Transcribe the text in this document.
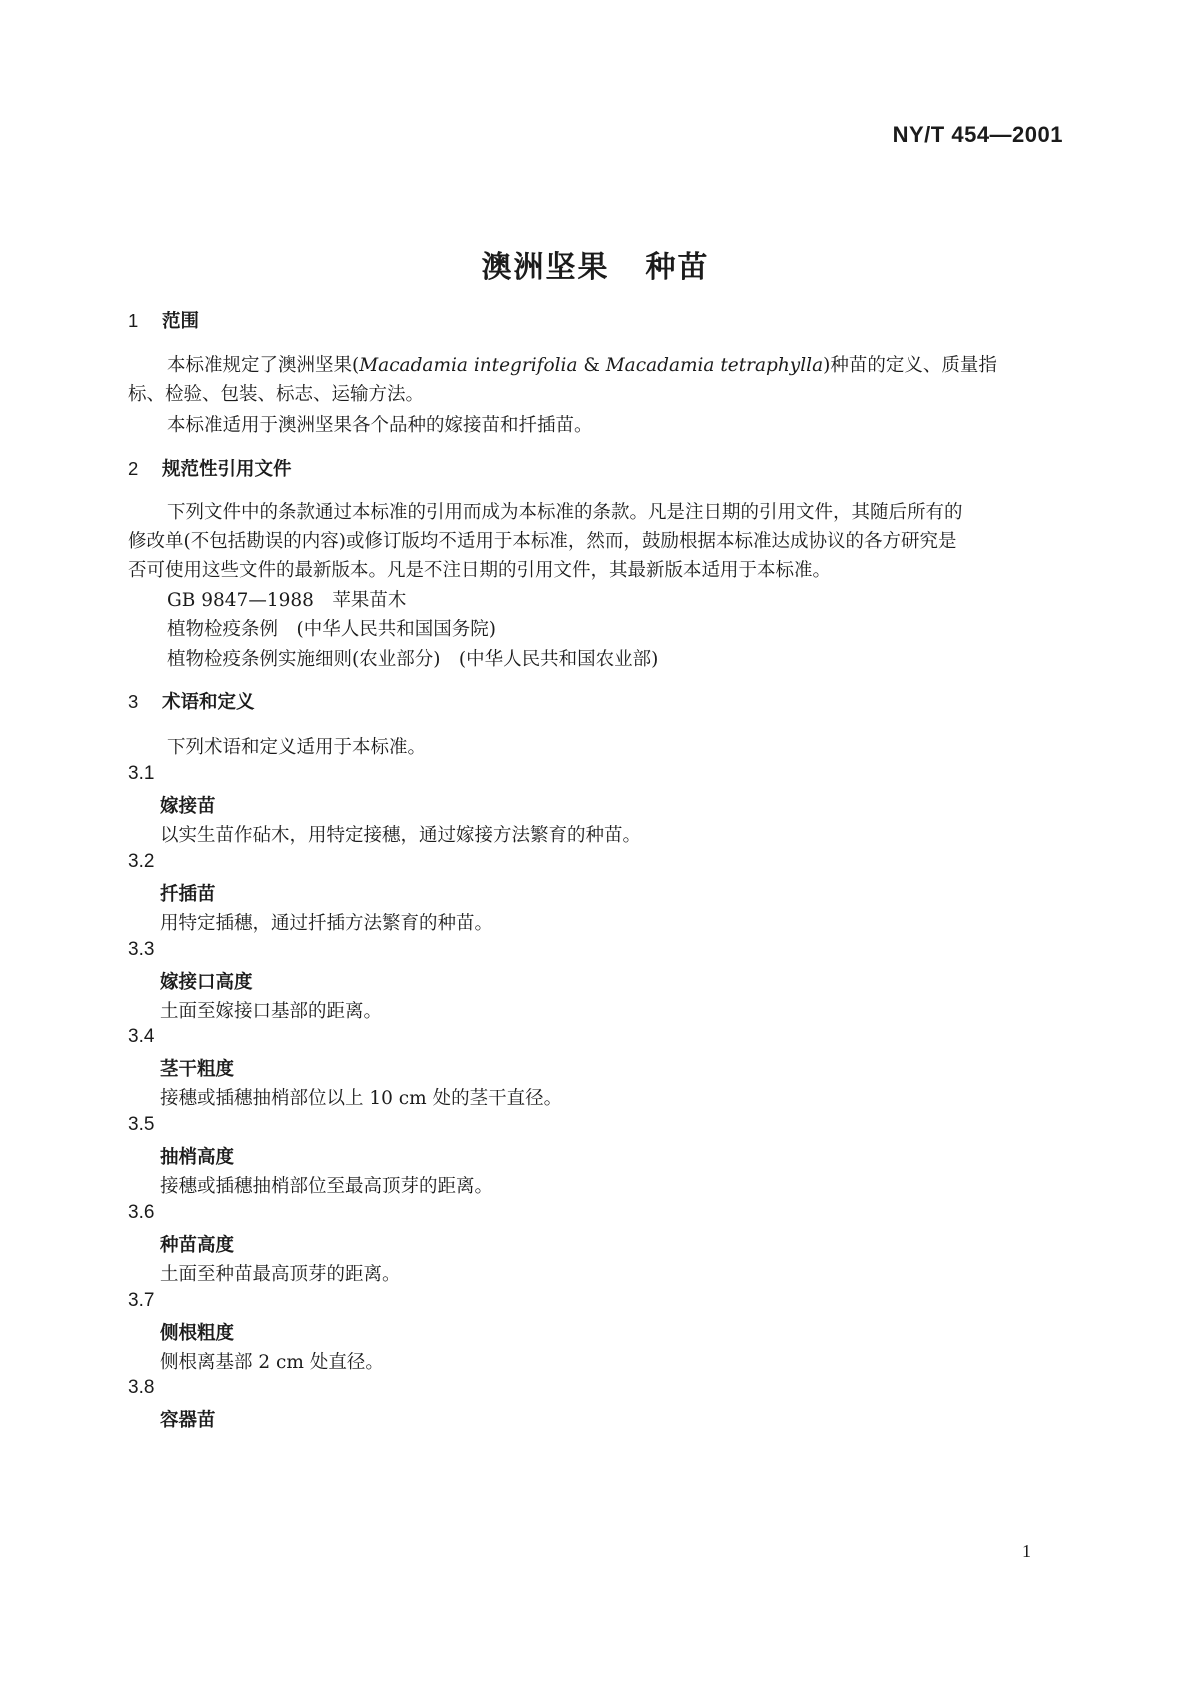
NY/T 454—2001
澳洲坚果 种苗
1 范围
本标准规定了澳洲坚果(Macadamia integrifolia & Macadamia tetraphylla)种苗的定义、质量指
标、检验、包装、标志、运输方法。
本标准适用于澳洲坚果各个品种的嫁接苗和扦插苗。
2 规范性引用文件
下列文件中的条款通过本标准的引用而成为本标准的条款。凡是注日期的引用文件，其随后所有的
修改单(不包括勘误的内容)或修订版均不适用于本标准，然而，鼓励根据本标准达成协议的各方研究是
否可使用这些文件的最新版本。凡是不注日期的引用文件，其最新版本适用于本标准。
GB 9847—1988　苹果苗木
植物检疫条例　(中华人民共和国国务院)
植物检疫条例实施细则(农业部分)　(中华人民共和国农业部)
3 术语和定义
下列术语和定义适用于本标准。
3.1
嫁接苗
以实生苗作砧木，用特定接穗，通过嫁接方法繁育的种苗。
3.2
扦插苗
用特定插穗，通过扦插方法繁育的种苗。
3.3
嫁接口高度
土面至嫁接口基部的距离。
3.4
茎干粗度
接穗或插穗抽梢部位以上 10 cm 处的茎干直径。
3.5
抽梢高度
接穗或插穗抽梢部位至最高顶芽的距离。
3.6
种苗高度
土面至种苗最高顶芽的距离。
3.7
侧根粗度
侧根离基部 2 cm 处直径。
3.8
容器苗
1
